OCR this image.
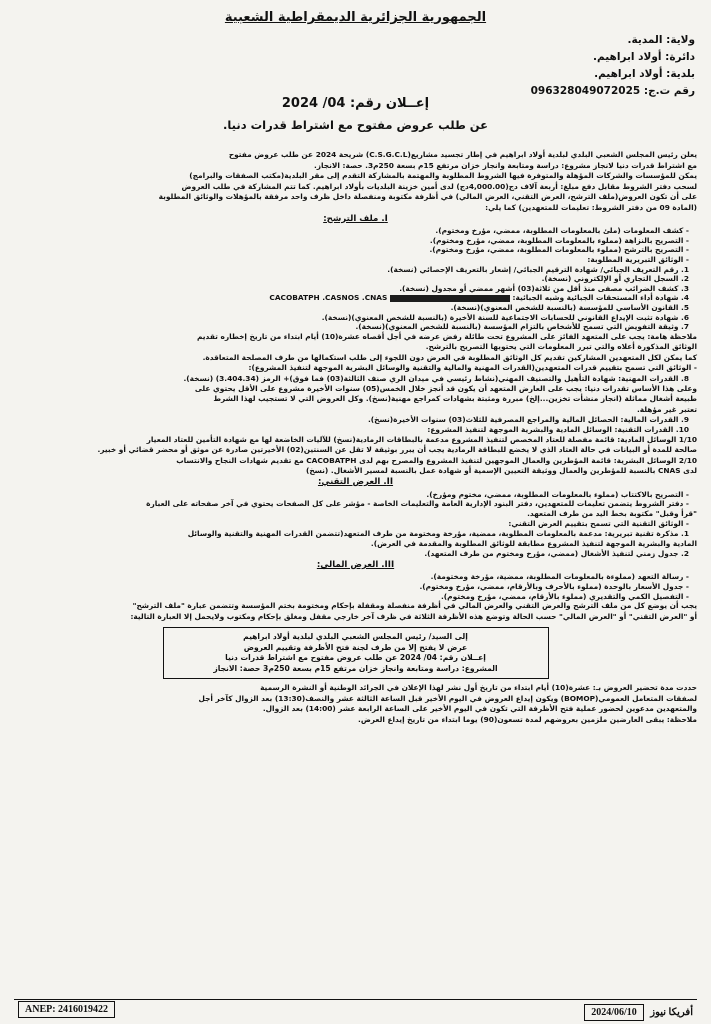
الجمهورية الجزائرية الديمقراطية الشعبية
ولاية: المدية.
دائرة: أولاد ابراهيم.
بلدية: أولاد ابراهيم.
رقم ت.ج: 096328049072025
إعــلان رقم: 04/ 2024
عن طلب عروض مفتوح مع اشتراط قدرات دنيا.
يعلن رئيس المجلس الشعبي البلدي لبلدية أولاد ابراهيم في إطار تجسيد مشاريع(C.S.G.C.L) شريحة 2024 عن طلب عروض مفتوح
مع اشتراط قدرات دنيا لانجاز مشروع: دراسة ومتابعة وانجاز خزان مرتفع 15م بسعة 250م3. حصة: الانجاز.
يمكن للمؤسسات والشركات المؤهلة والمتوفرة فيها الشروط المطلوبة والمهتمة بالمشاركة التقدم إلى مقر البلدية(مكتب الصفقات والبرامج)
لسحب دفتر الشروط مقابل دفع مبلغ: أربعة آلاف دج(4,000.00دج) لدى أمين خزينة البلديات بأولاد ابراهيم. كما تتم المشاركة في طلب العروض
على أن تكون العروض(ملف الترشح، العرض التقني، العرض المالي) في أظرفة مكتوبة ومنفصلة داخل ظرف واحد مرفقة بالمؤهلات والوثائق المطلوبة
(المادة 09 من دفتر الشروط: تعليمات للمتعهدين) كما يلي:
I. ملف الترشح:
- كشف المعلومات (ملئ بالمعلومات المطلوبة، ممضي، مؤرخ ومختوم).
- التصريح بالنزاهة (مملوء بالمعلومات المطلوبة، ممضي، مؤرخ ومختوم).
- التصريح بالترشح (مملوء بالمعلومات المطلوبة، ممضي، مؤرخ ومختوم).
- الوثائق التبريرية المطلوبة:
1. رقم التعريف الجبائي/ شهادة الترقيم الجبائي/ إشعار بالتعريف الإحصائي (نسخة).
2. السجل التجاري أو الإلكتروني (نسخة).
3. كشف الضرائب مصفى منذ أقل من ثلاثة(03) أشهر ممضي أو مجدول (نسخة).
4. شهادة أداء المستحقات الجبائية وشبه الجبائية:  CACOBATPH .CASNOS .CNAS
5. القانون الأساسي للمؤسسة (بالنسبة للشخص المعنوي)(نسخة).
6. شهادة تثبت الإيداع القانوني للحسابات الاجتماعية للسنة الأخيرة (بالنسبة للشخص المعنوي)(نسخة).
7. وثيقة التفويض التي تسمح للأشخاص بالتزام المؤسسة (بالنسبة للشخص المعنوي)(نسخة).
ملاحظة هامة: يجب على المتعهد الفائز على المشروع تحت طائلة رفض عرضه في أجل أقصاه عشرة(10) أيام ابتداء من تاريخ إخطاره تقديم
الوثائق المذكورة أعلاه والتي تبرر المعلومات التي يحتويها التصريح بالترشح.
كما يمكن لكل المتعهدين المشاركين تقديم كل الوثائق المطلوبة في العرض دون اللجوء إلى طلب استكمالها من طرف المصلحة المتعاقدة.
- الوثائق التي تسمح بتقييم قدرات المتعهدين(القدرات المهنية والمالية والتقنية والوسائل البشرية الموجهة لتنفيذ المشروع):
8. القدرات المهنية: شهادة التأهيل والتصنيف المهني(نشاط رئيسي في ميدان الري صنف الثالثة(03) فما فوق)+ الرمز (3.404.34) (نسخة).
وعلى هذا الأساس تقدرات دنيا: يجب على العارض المتعهد أن يكون قد أنجز خلال الخمس(05) سنوات الأخيرة مشروع على الأقل يحتوي على
طبيعة أشغال مماثلة (انجاز منشأت تخزين...إلخ) مبررة ومثبتة بشهادات كمراجع مهنية(نسخ). وكل العروض التي لا تستجيب لهذا الشرط
تعتبر غير مؤهلة.
9. القدرات المالية: الحصائل المالية والمراجع المصرفية للثلاث(03) سنوات الأخيرة(نسخ).
10. القدرات التقنية: الوسائل المادية والبشرية الموجهة لتنفيذ المشروع:
1/10 الوسائل المادية: قائمة مفصلة للعتاد المخصص لتنفيذ المشروع مدعمة بالبطاقات الرمادية(نسخ) للآليات الخاضعة لها مع شهادة التأمين للعتاد المعيار
صالحة للمدة أو البيانات في حالة العتاد الذي لا يخضع للبطاقة الرمادية يجب أن يبرر بوثيقة لا تقل عن السنتين(02) الأخيرتين صادرة عن موثق أو محضر قضائي أو خبير.
2/10 الوسائل البشرية: قائمة المؤطرين والعمال الموجهين لتنفيذ المشروع والمصرح بهم لدى CACOBATPH مع تقديم شهادات النجاح والانتساب
لدى CNAS بالنسبة للمؤطرين والعمال ووثيقة التعيين الإسمية أو شهادة عمل بالنسبة لمسير الأشغال. (نسخ)
II. العرض التقني:
- التصريح بالاكتتاب (مملوء بالمعلومات المطلوبة، ممضي، مختوم ومؤرخ).
- دفتر الشروط يتضمن تعليمات للمتعهدين، دفتر البنود الإدارية العامة والتعليمات الخاصة - مؤشر على كل الصفحات يحتوي في آخر صفحاته على العبارة
"قرأ وقبل" مكتوبة بخط اليد من طرف المتعهد.
- الوثائق التقنية التي تسمح بتقييم العرض التقني:
1. مذكرة تقنية تبريرية: مدعمة بالمعلومات المطلوبة، ممضية، مؤرخة ومختومة من طرف المتعهد(تتضمن القدرات المهنية والتقنية والوسائل
المادية والبشرية الموجهة لتنفيذ المشروع مطابقة للوثائق المطلوبة والمقدمة في العرض).
2. جدول زمني لتنفيذ الأشغال (ممضي، مؤرخ ومختوم من طرف المتعهد).
III. العرض المالي:
- رسالة التعهد (مملوءة بالمعلومات المطلوبة، ممضية، مؤرخة ومختومة).
- جدول الأسعار بالوحدة (مملوء بالأحرف وبالأرقام، ممضي، مؤرخ ومختوم).
- التفصيل الكمي والتقديري (مملوء بالأرقام، ممضي، مؤرخ ومختوم).
يجب أن يوضع كل من ملف الترشح والعرض التقني والعرض المالي في أظرفة منفصلة ومقفلة بإحكام ومختومة بختم المؤسسة وتتضمن عبارة "ملف الترشح"
أو "العرض التقني" أو "العرض المالي" حسب الحالة وتوضع هذه الأظرفة الثلاثة في ظرف آخر خارجي مقفل ومغلق بإحكام ومكتوب ولايحمل إلا العبارة التالية:
إلى السيد/ رئيس المجلس الشعبي البلدي لبلدية أولاد ابراهيم
عرض لا يفتح إلا من طرف لجنة فتح الأظرفة وتقييم العروض
إعــلان رقم: 04/ 2024 عن طلب عروض مفتوح مع اشتراط قدرات دنيا
المشروع: دراسة ومتابعة وانجاز خزان مرتفع 15م بسعة 250م3 حصة: الانجاز
حددت مدة تحضير العروض بـ: عشرة(10) أيام ابتداء من تاريخ أول نشر لهذا الإعلان في الجرائد الوطنية أو النشرة الرسمية
لصفقات المتعامل العمومي(BOMOP) ويكون إيداع العروض في اليوم الأخير قبل الساعة الثالثة عشر والنصف(13:30) بعد الزوال كآخر أجل
والمتعهدين مدعوين لحضور عملية فتح الأظرفة التي تكون في اليوم الأخير على الساعة الرابعة عشر (14:00) بعد الزوال.
ملاحظة: يبقى العارضين ملزمين بعروضهم لمدة تسعون(90) يوما ابتداء من تاريخ إيداع العرض.
ANEP: 2416019422	2024/06/10 أفريكا نيوز
